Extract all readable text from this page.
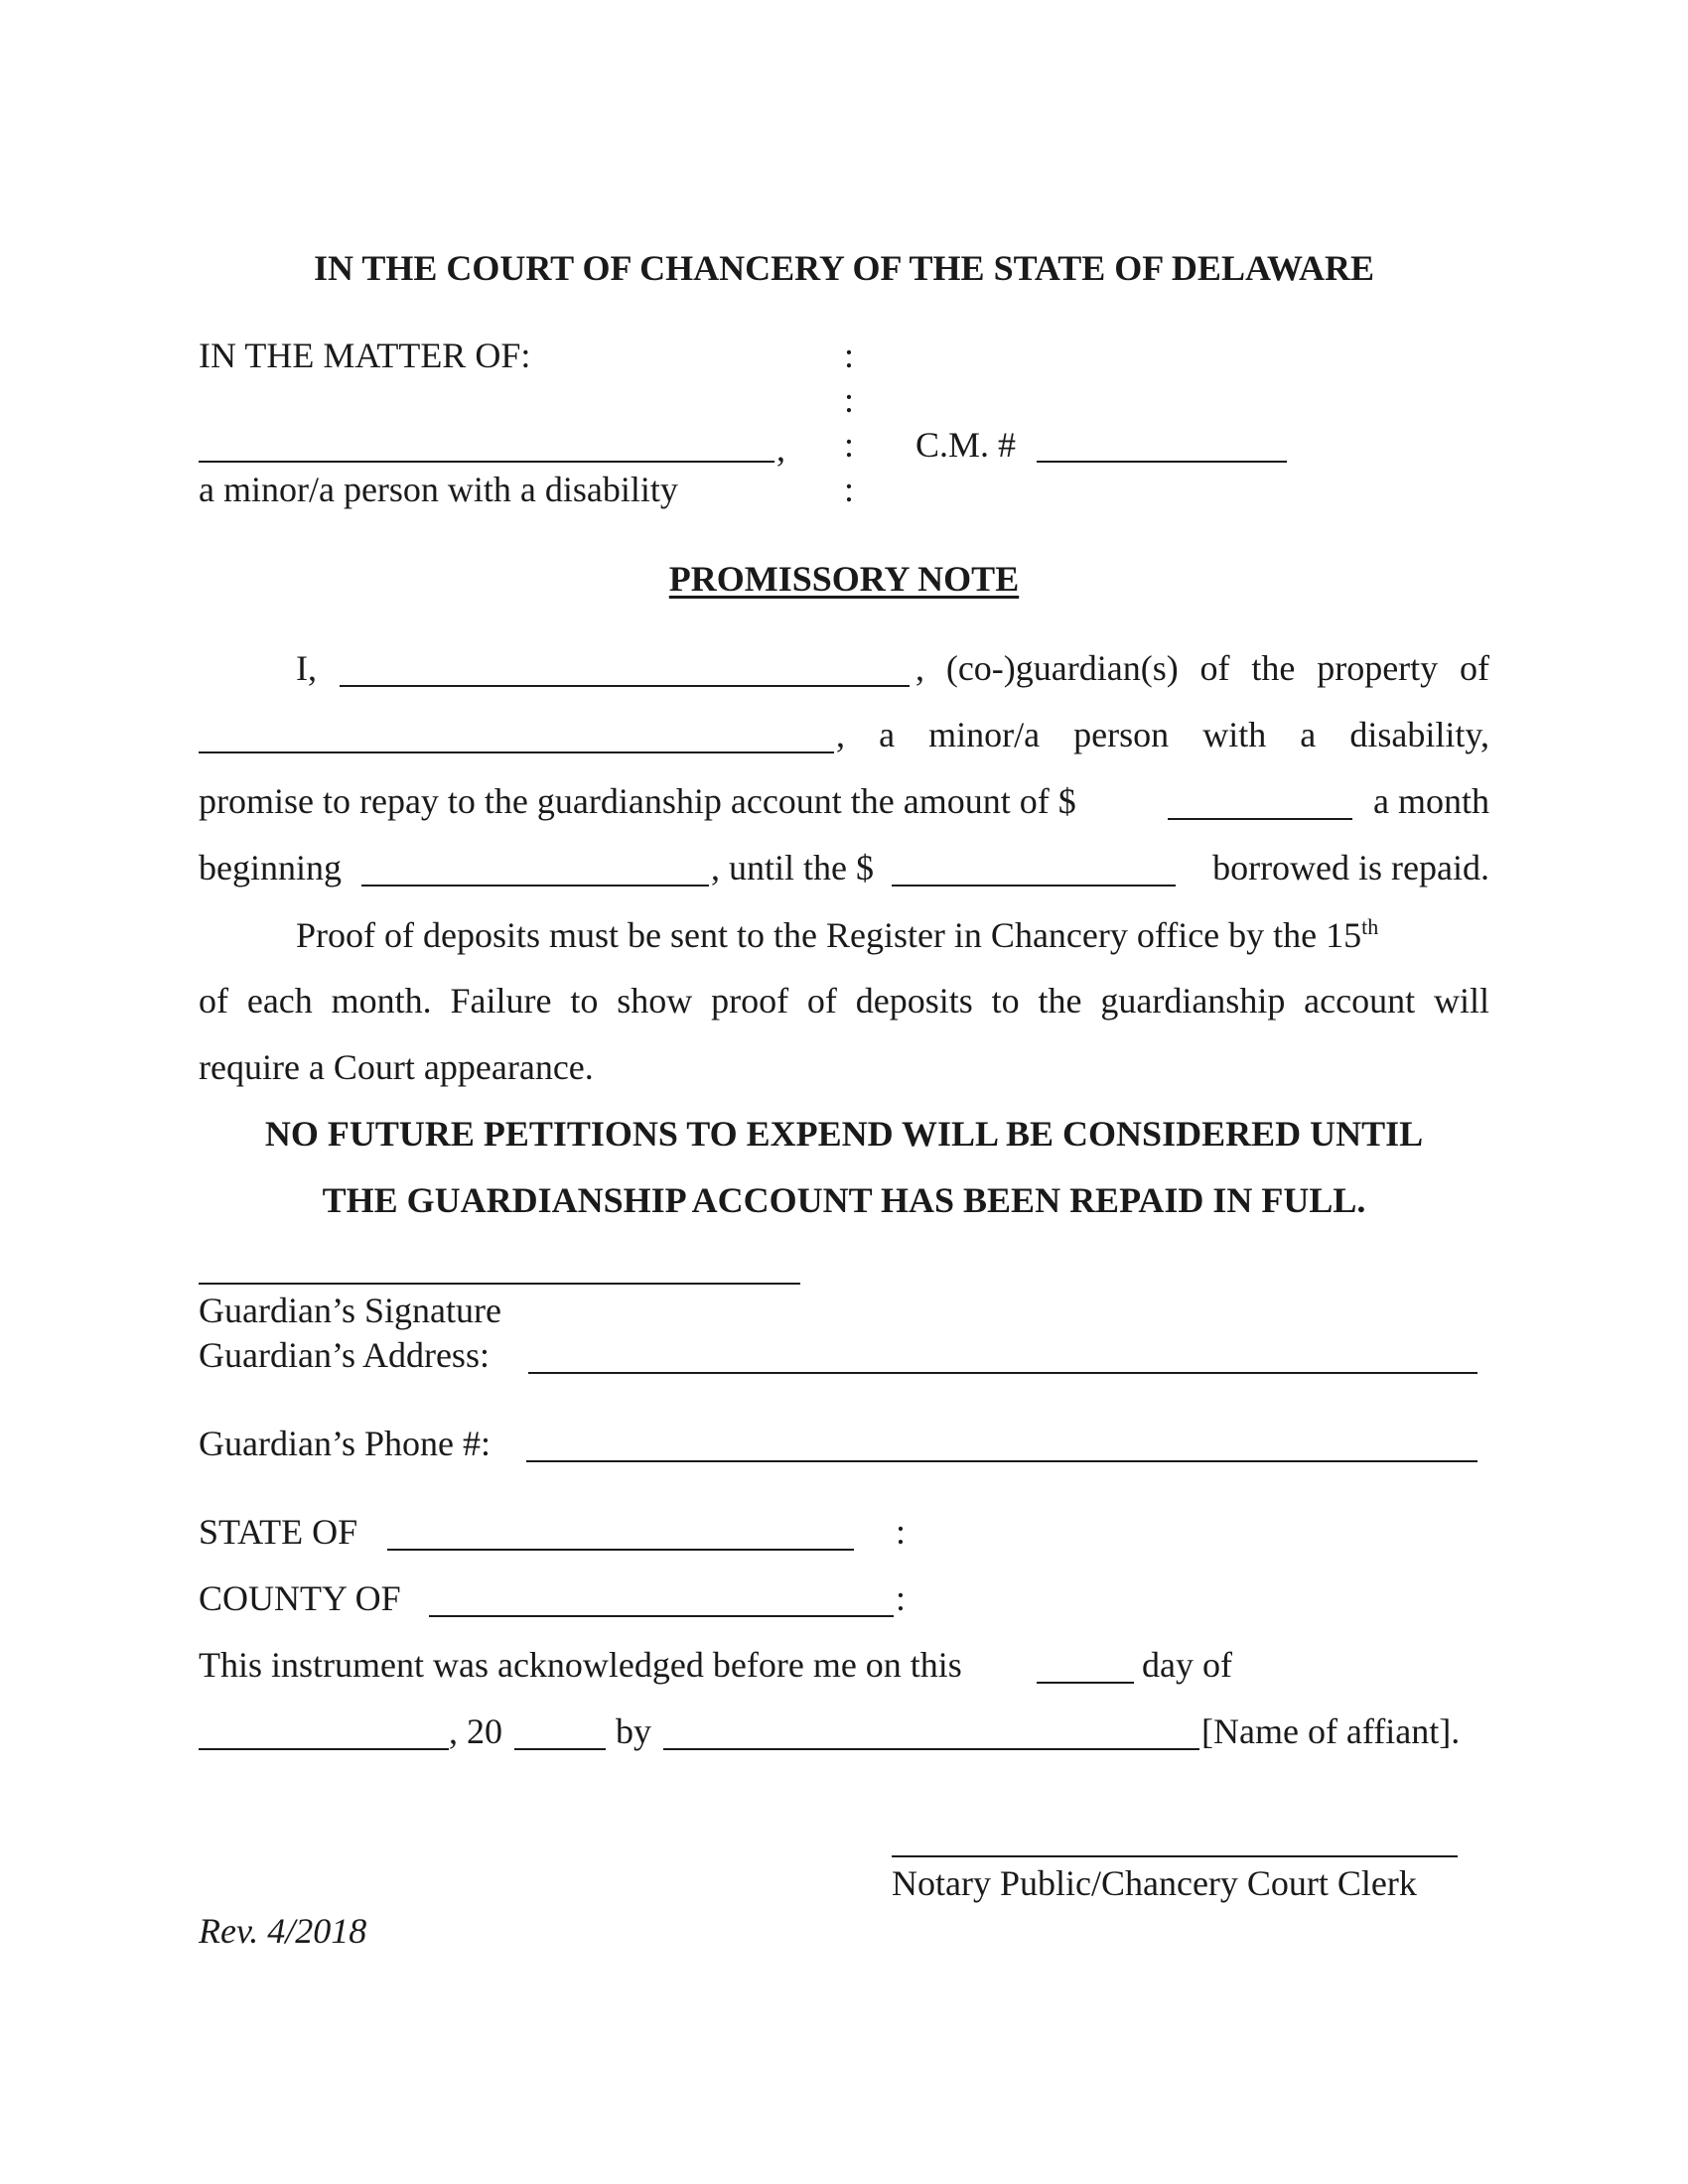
IN THE COURT OF CHANCERY OF THE STATE OF DELAWARE
IN THE MATTER OF:	:
:
, : C.M. #
a minor/a person with a disability	:
PROMISSORY NOTE
I,	, (co-)guardian(s) of the property of
, a minor/a person with a disability,
promise to repay to the guardianship account the amount of $	a month
beginning	, until the $	borrowed is repaid.
Proof of deposits must be sent to the Register in Chancery office by the 15th
of each month. Failure to show proof of deposits to the guardianship account will
require a Court appearance.
NO FUTURE PETITIONS TO EXPEND WILL BE CONSIDERED UNTIL
THE GUARDIANSHIP ACCOUNT HAS BEEN REPAID IN FULL.
Guardian’s Signature
Guardian’s Address:
Guardian’s Phone #:
STATE OF	:
COUNTY OF	:
This instrument was acknowledged before me on this	day of
, 20	by	[Name of affiant].
Notary Public/Chancery Court Clerk
Rev. 4/2018
